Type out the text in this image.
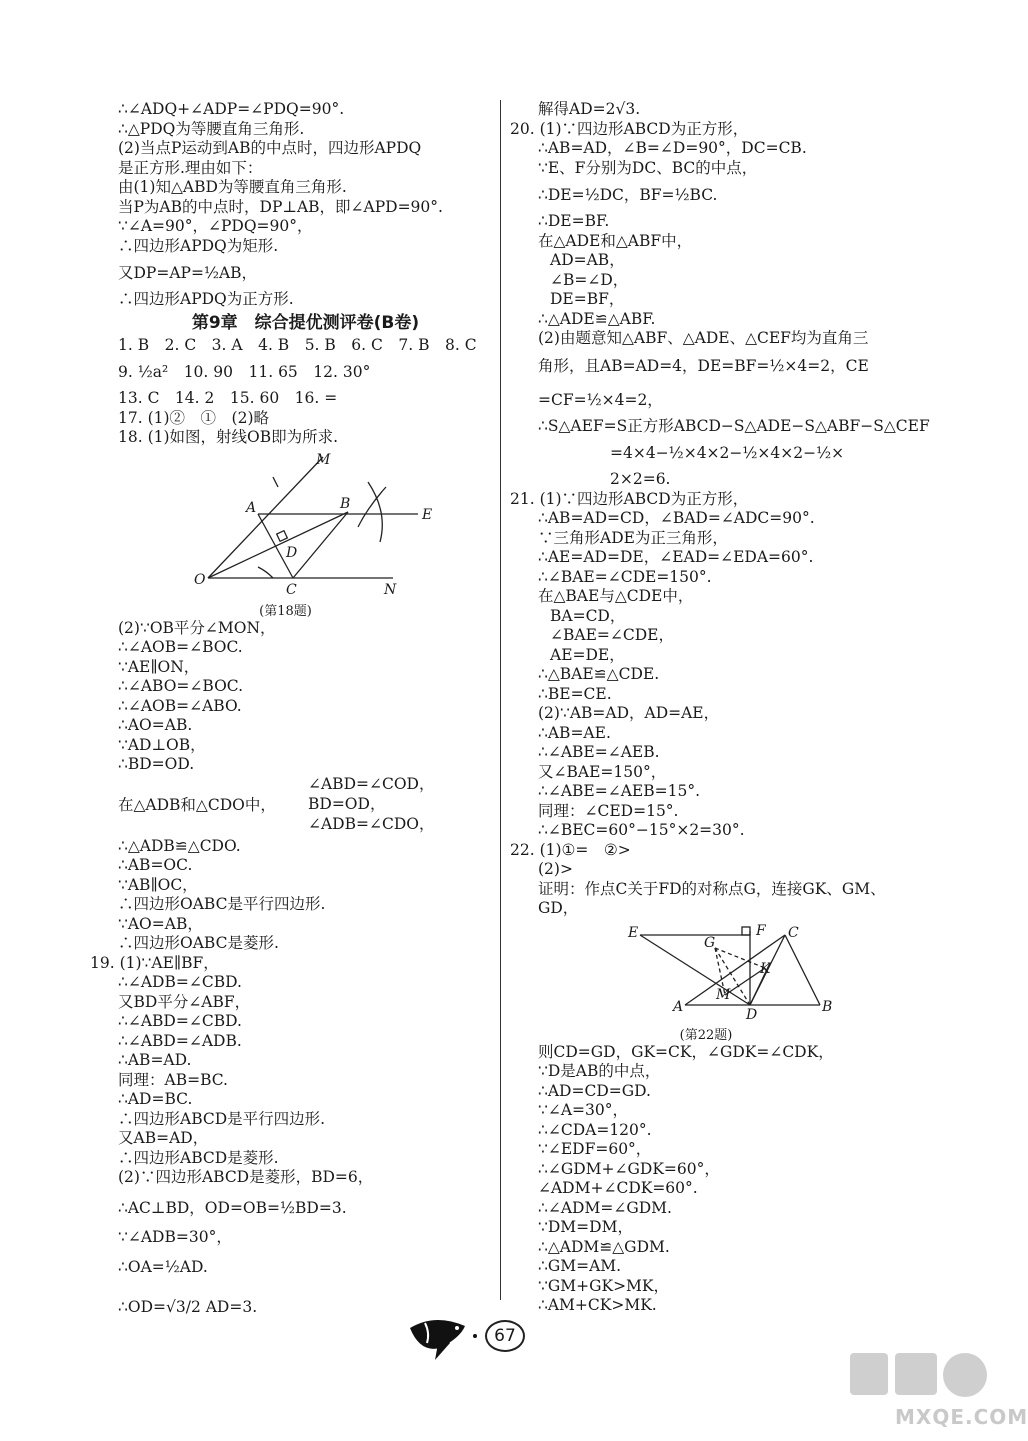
∴∠ADQ+∠ADP=∠PDQ=90°.
∴△PDQ为等腰直角三角形.
(2)当点P运动到AB的中点时，四边形APDQ
是正方形.理由如下：
由(1)知△ABD为等腰直角三角形.
当P为AB的中点时，DP⊥AB，即∠APD=90°.
∵∠A=90°，∠PDQ=90°，
∴四边形APDQ为矩形.
又DP=AP=½AB，
∴四边形APDQ为正方形.
第9章　综合提优测评卷(B卷)
1. B　2. C　3. A　4. B　5. B　6. C　7. B　8. C
9. ½a²　10. 90　11. 65　12. 30°
13. C　14. 2　15. 60　16. =
17. (1)②　①　(2)略
18. (1)如图，射线OB即为所求.
M
A	B
E
D
O
C	N
(第18题)
(2)∵OB平分∠MON，
∴∠AOB=∠BOC.
∵AE∥ON，
∴∠ABO=∠BOC.
∴∠AOB=∠ABO.
∴AO=AB.
∵AD⊥OB，
∴BD=OD.
在△ADB和△CDO中，
∠ABD=∠COD，
BD=OD，
∠ADB=∠CDO，
∴△ADB≌△CDO.
∴AB=OC.
∵AB∥OC，
∴四边形OABC是平行四边形.
∵AO=AB，
∴四边形OABC是菱形.
19. (1)∵AE∥BF，
∴∠ADB=∠CBD.
又BD平分∠ABF，
∴∠ABD=∠CBD.
∴∠ABD=∠ADB.
∴AB=AD.
同理：AB=BC.
∴AD=BC.
∴四边形ABCD是平行四边形.
又AB=AD，
∴四边形ABCD是菱形.
(2)∵四边形ABCD是菱形，BD=6，
∴AC⊥BD，OD=OB=½BD=3.
∵∠ADB=30°，
∴OA=½AD.
∴OD=√3/2 AD=3.
解得AD=2√3.
20. (1)∵四边形ABCD为正方形，
∴AB=AD，∠B=∠D=90°，DC=CB.
∵E、F分别为DC、BC的中点，
∴DE=½DC，BF=½BC.
∴DE=BF.
在△ADE和△ABF中，
AD=AB，
∠B=∠D，
DE=BF，
∴△ADE≌△ABF.
(2)由题意知△ABF、△ADE、△CEF均为直角三
角形，且AB=AD=4，DE=BF=½×4=2，CE
=CF=½×4=2，
∴S△AEF=S正方形ABCD−S△ADE−S△ABF−S△CEF
=4×4−½×4×2−½×4×2−½×
2×2=6.
21. (1)∵四边形ABCD为正方形，
∴AB=AD=CD，∠BAD=∠ADC=90°.
∵三角形ADE为正三角形，
∴AE=AD=DE，∠EAD=∠EDA=60°.
∴∠BAE=∠CDE=150°.
在△BAE与△CDE中，
BA=CD，
∠BAE=∠CDE，
AE=DE，
∴△BAE≌△CDE.
∴BE=CE.
(2)∵AB=AD，AD=AE，
∴AB=AE.
∴∠ABE=∠AEB.
又∠BAE=150°，
∴∠ABE=∠AEB=15°.
同理：∠CED=15°.
∴∠BEC=60°−15°×2=30°.
22. (1)①=　②>
(2)>
证明：作点C关于FD的对称点G，连接GK、GM、
GD，
E	F C
G
K
M
A	D	B
(第22题)
则CD=GD，GK=CK，∠GDK=∠CDK，
∵D是AB的中点，
∴AD=CD=GD.
∵∠A=30°，
∴∠CDA=120°.
∵∠EDF=60°，
∴∠GDM+∠GDK=60°，
∠ADM+∠CDK=60°.
∴∠ADM=∠GDM.
∵DM=DM，
∴△ADM≌△GDM.
∴GM=AM.
∵GM+GK>MK，
∴AM+CK>MK.
67
MXQE.COM
